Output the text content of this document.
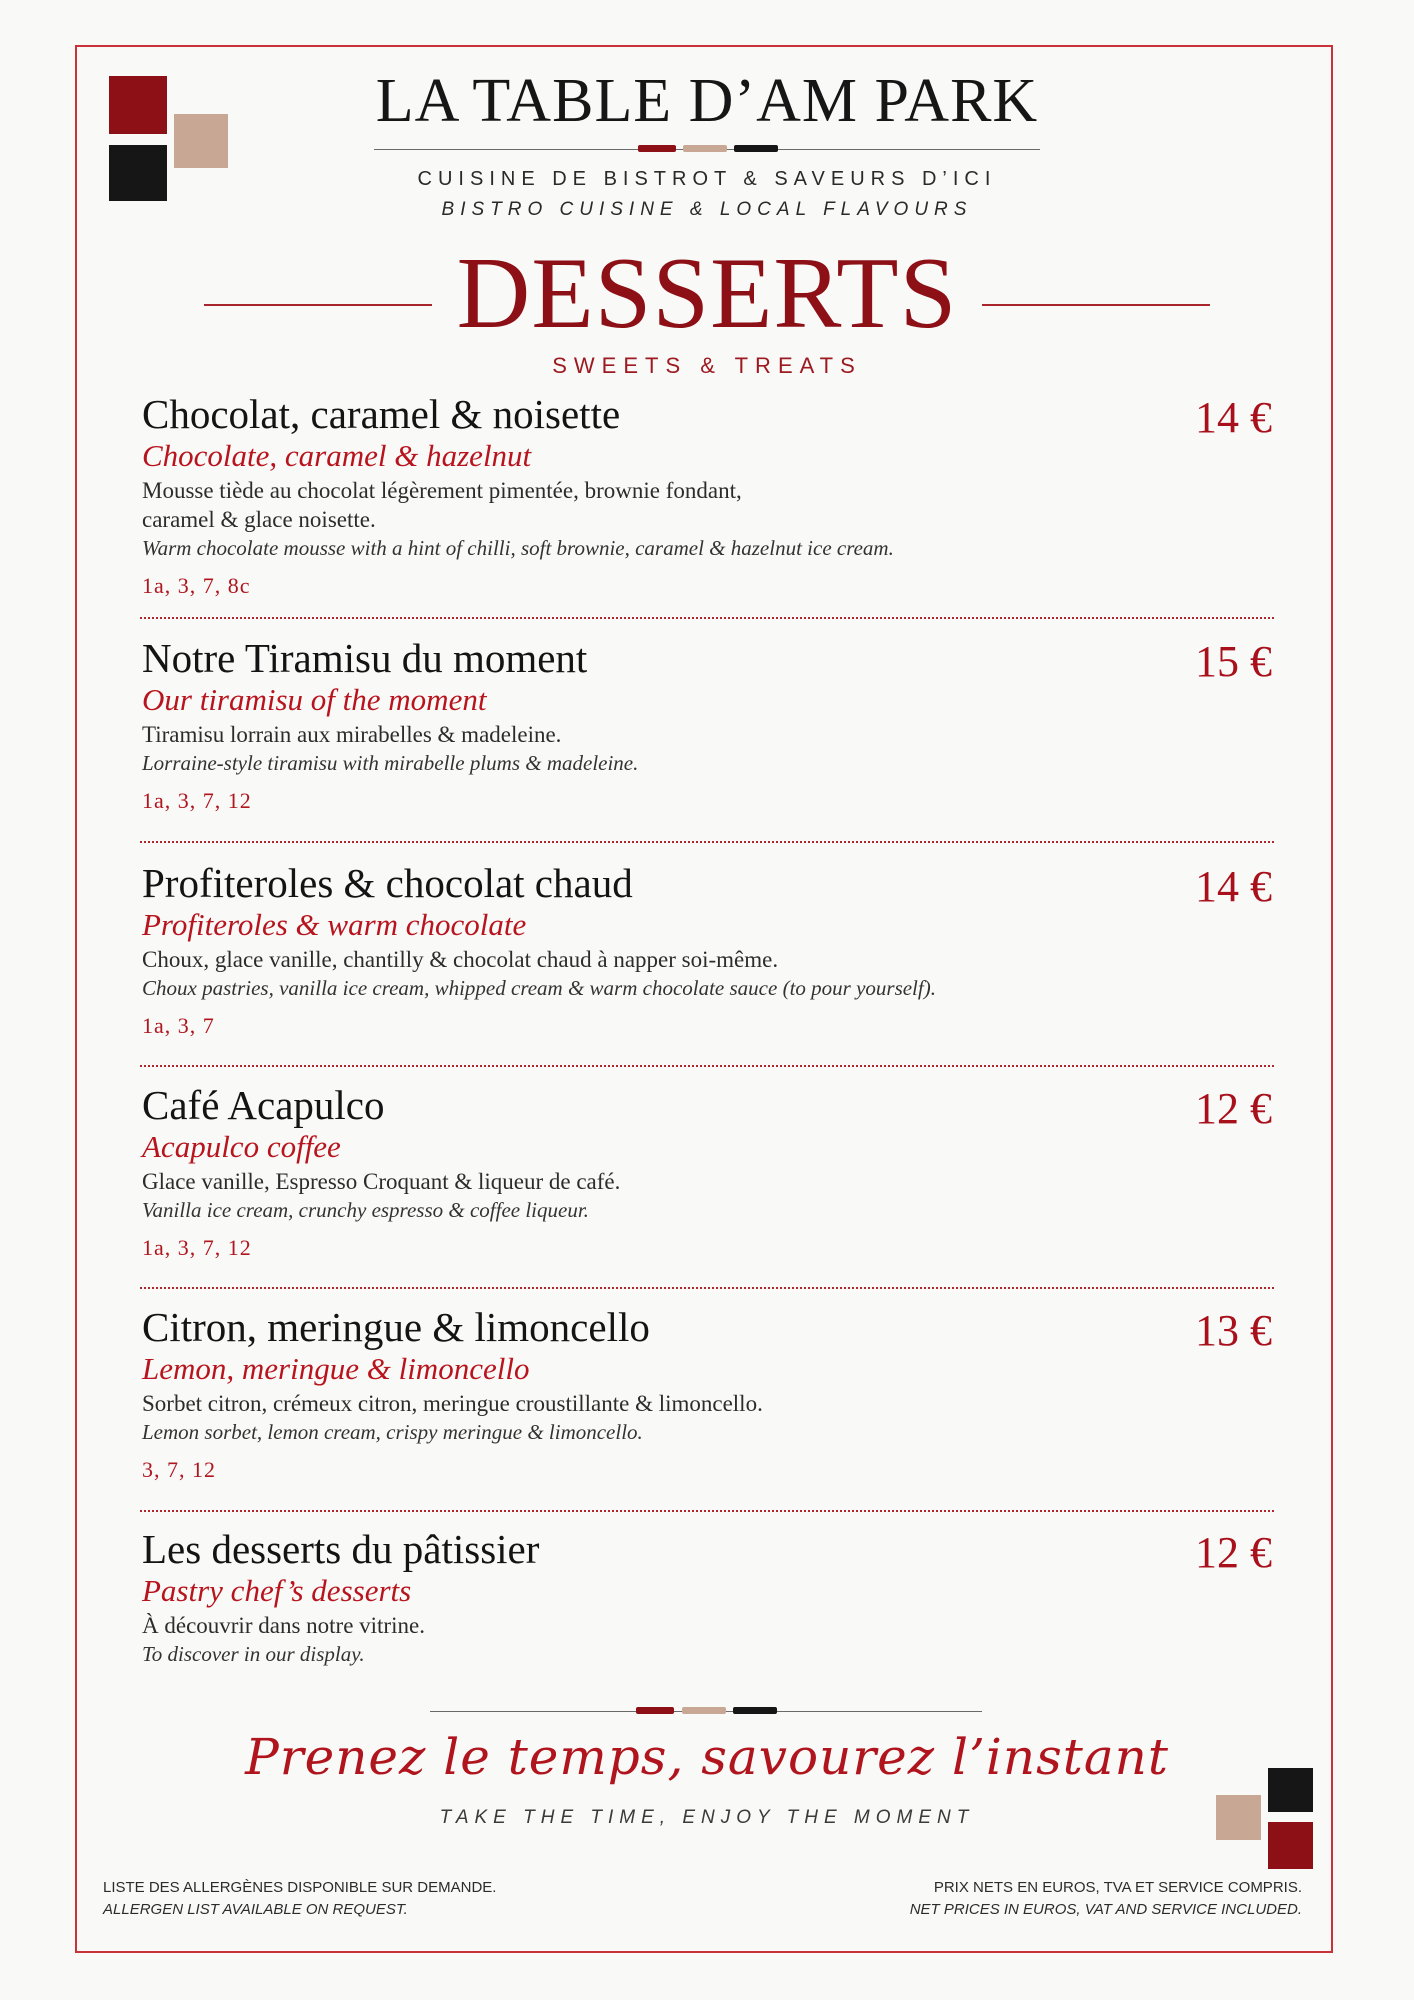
LA TABLE D’AM PARK
CUISINE DE BISTROT & SAVEURS D’ICI
BISTRO CUISINE & LOCAL FLAVOURS
DESSERTS
SWEETS & TREATS
Chocolat, caramel & noisette
Chocolate, caramel & hazelnut
Mousse tiède au chocolat légèrement pimentée, brownie fondant,
caramel & glace noisette.
Warm chocolate mousse with a hint of chilli, soft brownie, caramel & hazelnut ice cream.
1a, 3, 7, 8c
14 €
Notre Tiramisu du moment
Our tiramisu of the moment
Tiramisu lorrain aux mirabelles & madeleine.
Lorraine-style tiramisu with mirabelle plums & madeleine.
1a, 3, 7, 12
15 €
Profiteroles & chocolat chaud
Profiteroles & warm chocolate
Choux, glace vanille, chantilly & chocolat chaud à napper soi-même.
Choux pastries, vanilla ice cream, whipped cream & warm chocolate sauce (to pour yourself).
1a, 3, 7
14 €
Café Acapulco
Acapulco coffee
Glace vanille, Espresso Croquant & liqueur de café.
Vanilla ice cream, crunchy espresso & coffee liqueur.
1a, 3, 7, 12
12 €
Citron, meringue & limoncello
Lemon, meringue & limoncello
Sorbet citron, crémeux citron, meringue croustillante & limoncello.
Lemon sorbet, lemon cream, crispy meringue & limoncello.
3, 7, 12
13 €
Les desserts du pâtissier
Pastry chef’s desserts
À découvrir dans notre vitrine.
To discover in our display.
12 €
Prenez le temps, savourez l’instant
TAKE THE TIME, ENJOY THE MOMENT
LISTE DES ALLERGÈNES DISPONIBLE SUR DEMANDE.
ALLERGEN LIST AVAILABLE ON REQUEST.
PRIX NETS EN EUROS, TVA ET SERVICE COMPRIS.
NET PRICES IN EUROS, VAT AND SERVICE INCLUDED.
